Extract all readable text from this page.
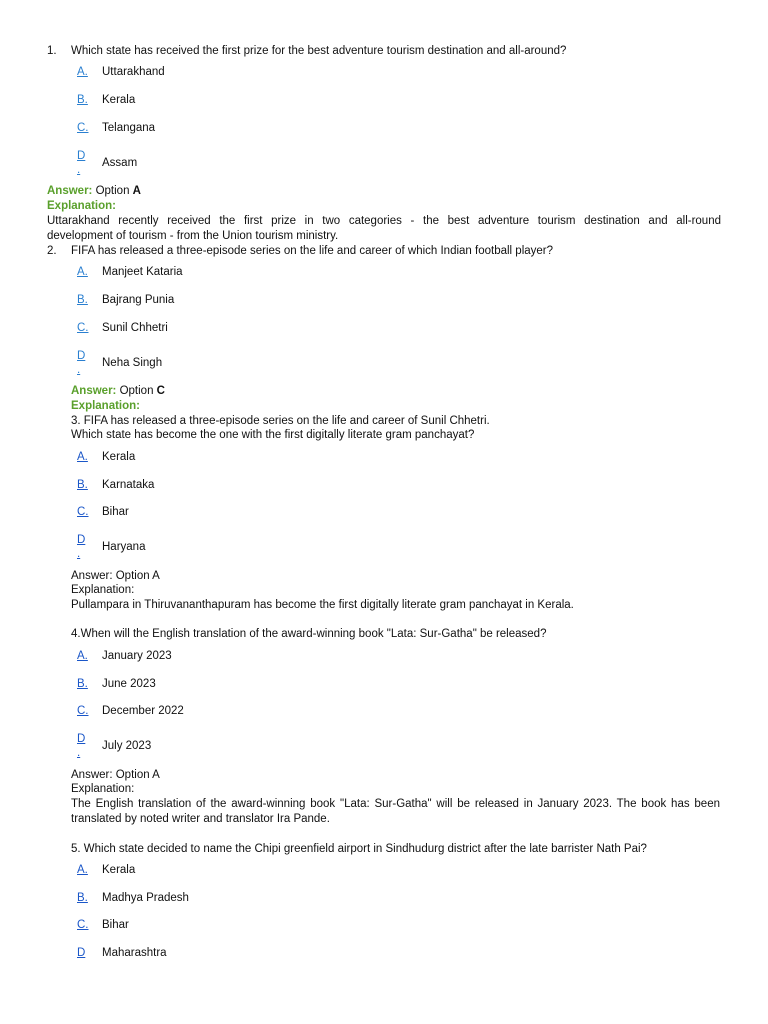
1. Which state has received the first prize for the best adventure tourism destination and all-around?
A. Uttarakhand
B. Kerala
C. Telangana
D
.
Assam
Answer: Option A
Explanation:
Uttarakhand recently received the first prize in two categories - the best adventure tourism destination and all-round
development of tourism - from the Union tourism ministry.
2. FIFA has released a three-episode series on the life and career of which Indian football player?
A. Manjeet Kataria
B. Bajrang Punia
C. Sunil Chhetri
D
.
Neha Singh
Answer: Option C
Explanation:
3. FIFA has released a three-episode series on the life and career of Sunil Chhetri.
Which state has become the one with the first digitally literate gram panchayat?
A. Kerala
B. Karnataka
C. Bihar
D
.
Haryana
Answer: Option A
Explanation:
Pullampara in Thiruvananthapuram has become the first digitally literate gram panchayat in Kerala.
4.When will the English translation of the award-winning book "Lata: Sur-Gatha" be released?
A. January 2023
B. June 2023
C. December 2022
D
.
July 2023
Answer: Option A
Explanation:
The English translation of the award-winning book "Lata: Sur-Gatha" will be released in January 2023. The book has been
translated by noted writer and translator Ira Pande.
5. Which state decided to name the Chipi greenfield airport in Sindhudurg district after the late barrister Nath Pai?
A. Kerala
B. Madhya Pradesh
C. Bihar
D Maharashtra
